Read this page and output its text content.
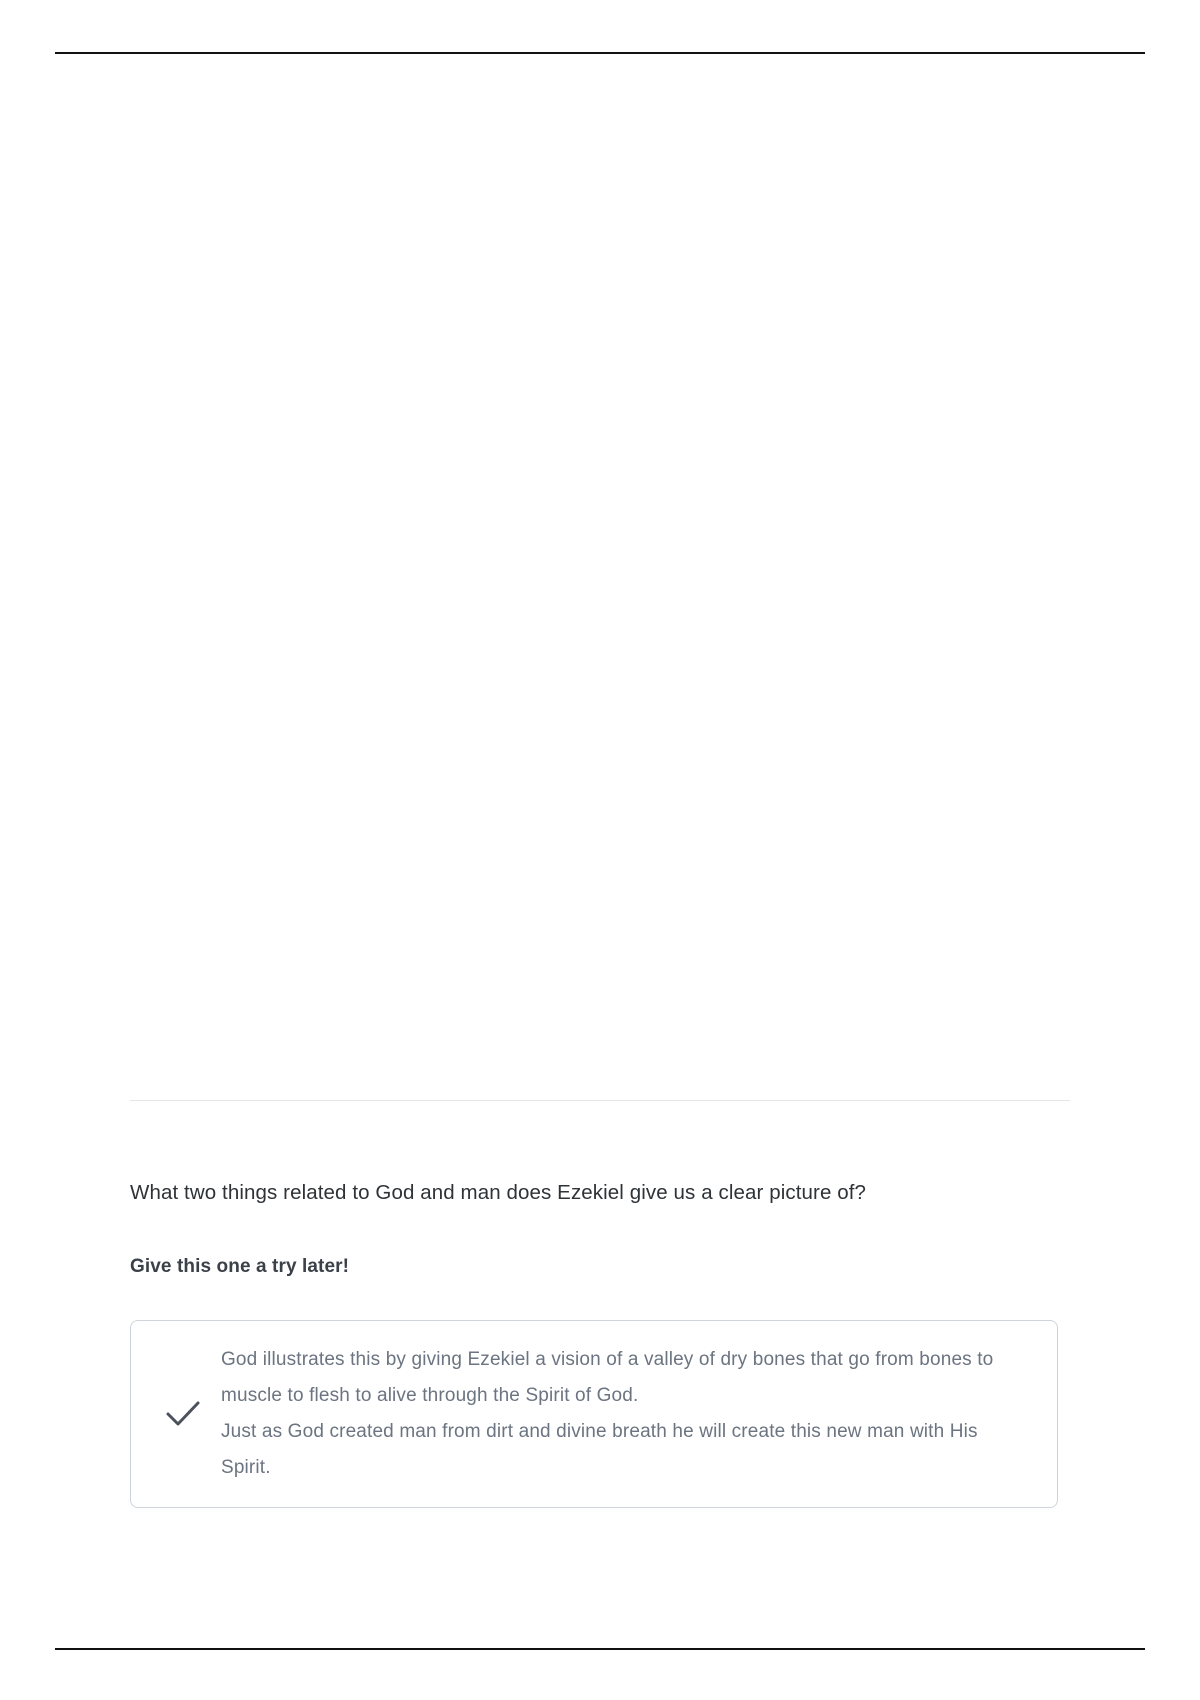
What two things related to God and man does Ezekiel give us a clear picture of?
Give this one a try later!
God illustrates this by giving Ezekiel a vision of a valley of dry bones that go from bones to muscle to flesh to alive through the Spirit of God.
Just as God created man from dirt and divine breath he will create this new man with His Spirit.
